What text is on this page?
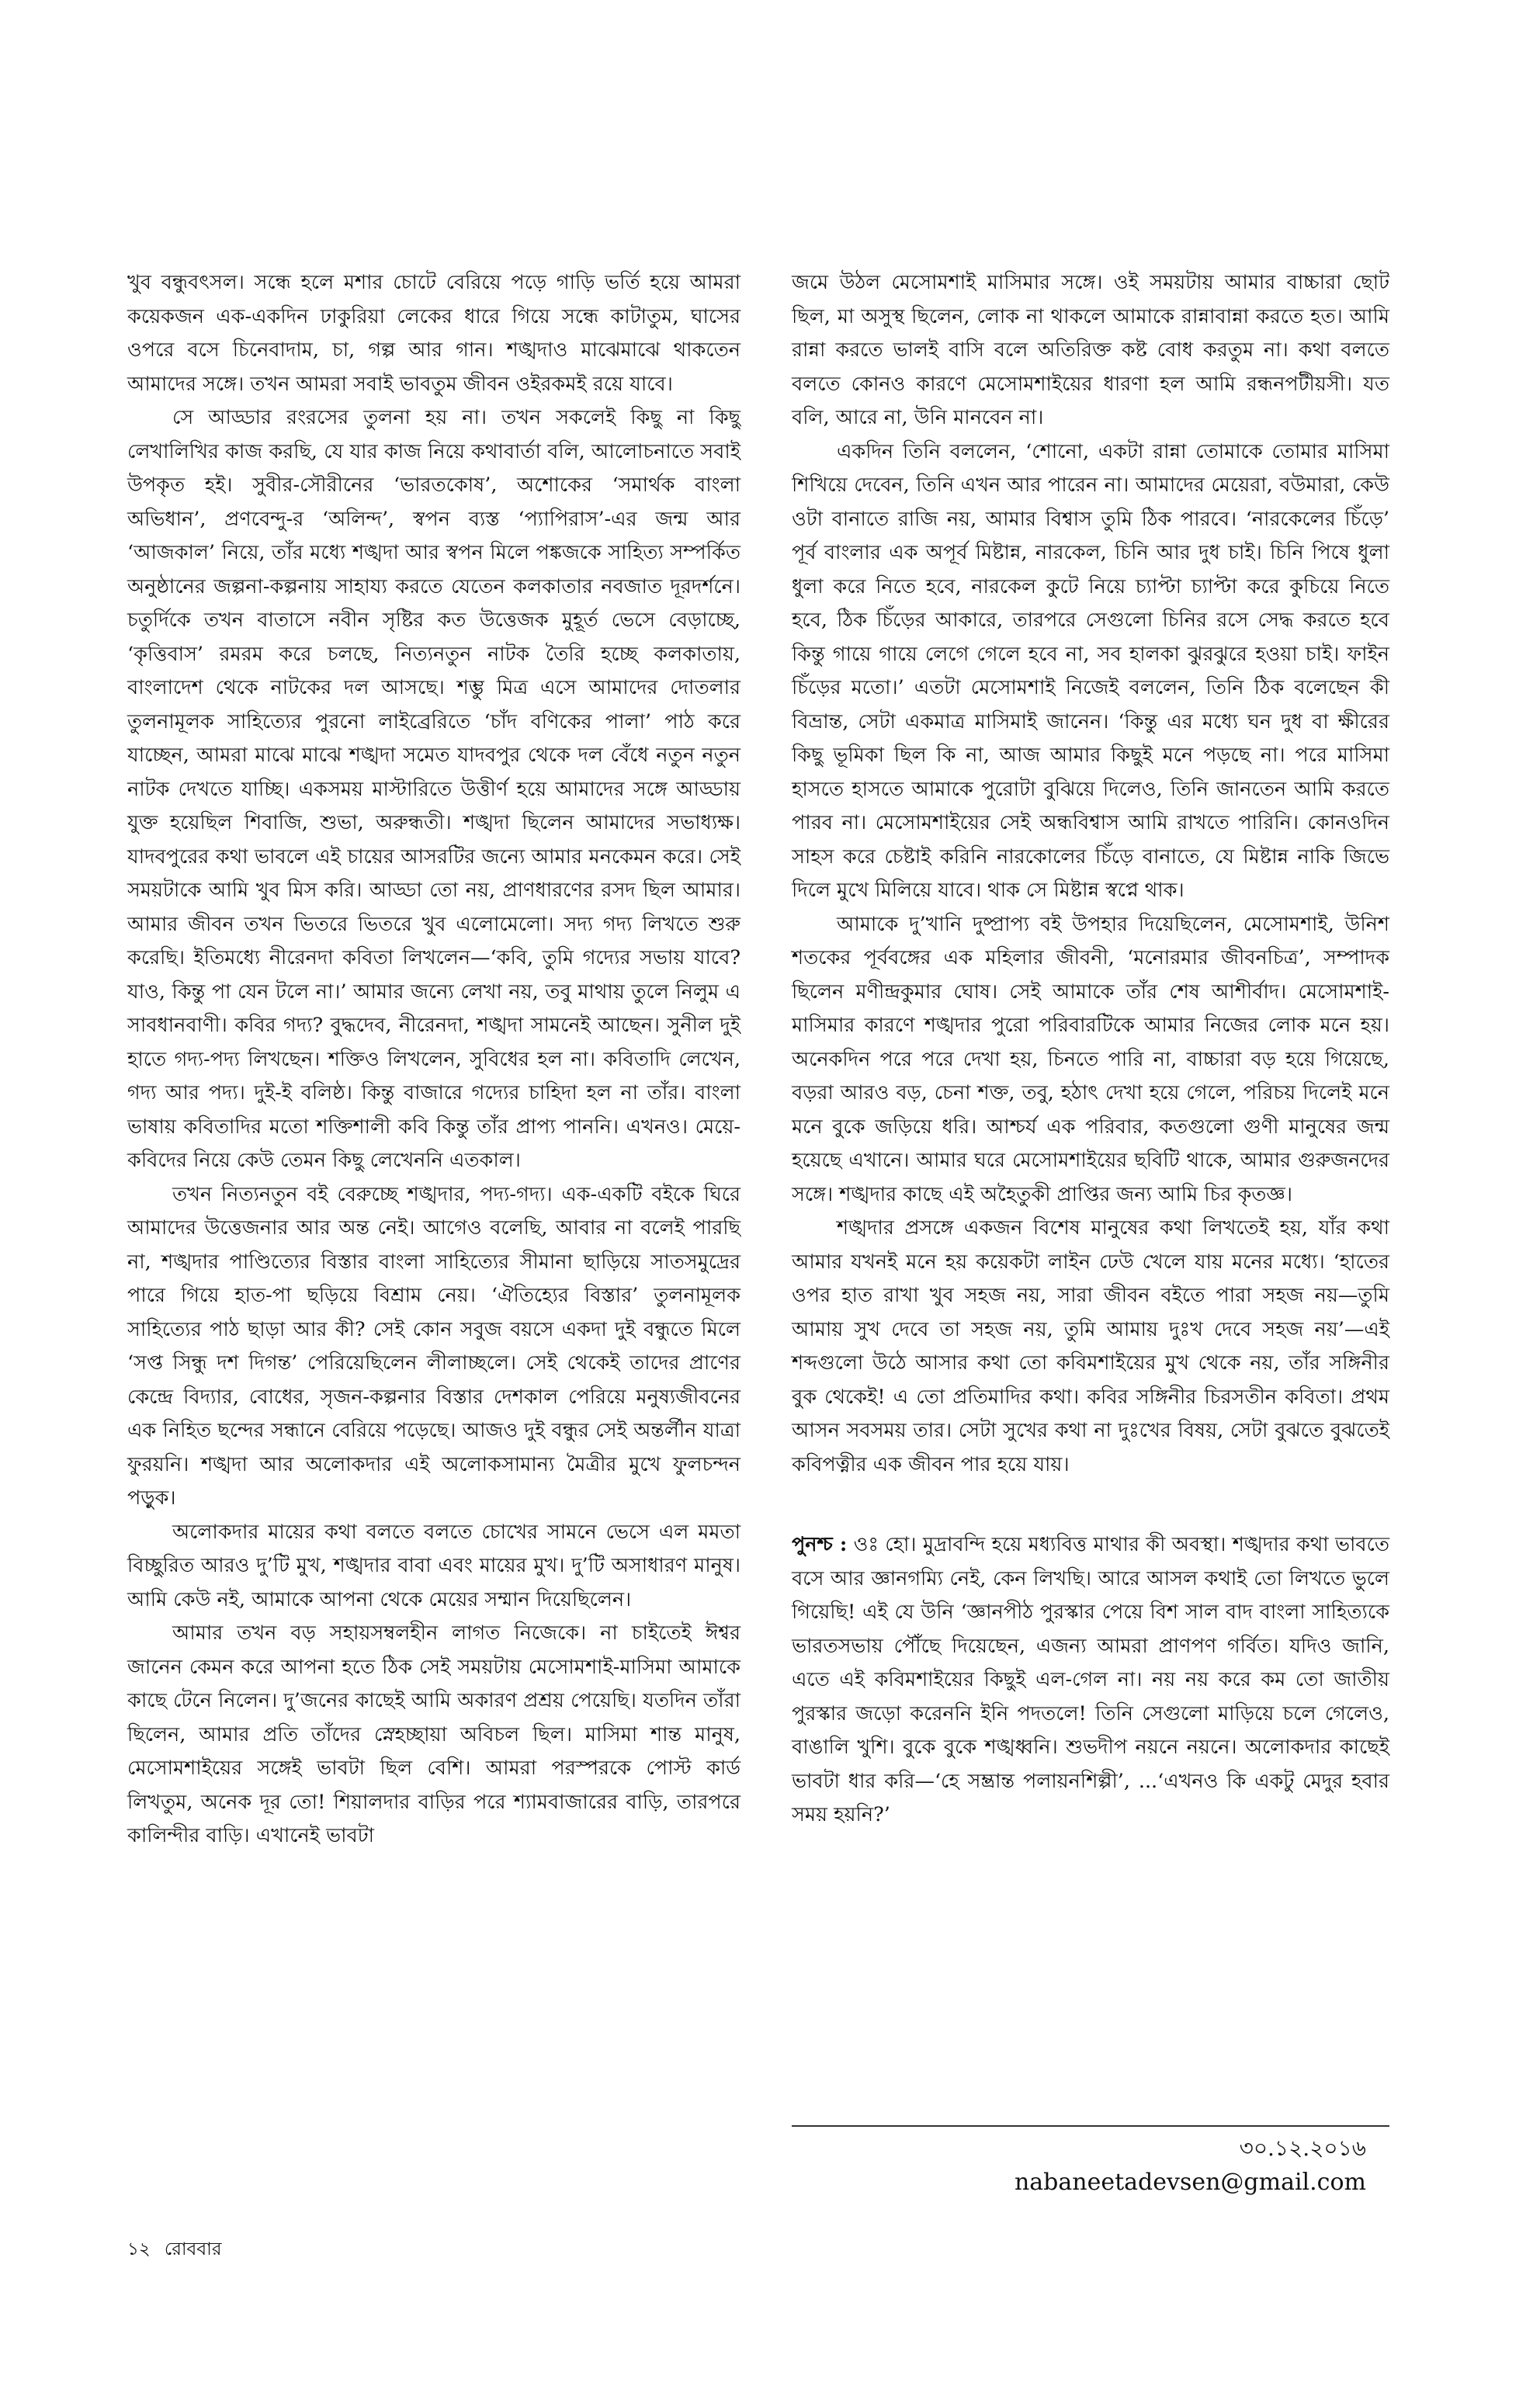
খুব বন্ধুবৎসল। সন্ধে হলে মশার চোটে বেরিয়ে পড়ে গাড়ি ভর্তি হয়ে আমরা কয়েকজন এক-একদিন ঢাকুরিয়া লেকের ধারে গিয়ে সন্ধে কাটাতুম, ঘাসের ওপরে বসে চিনেবাদাম, চা, গল্প আর গান। শঙ্খদাও মাঝেমাঝে থাকতেন আমাদের সঙ্গে। তখন আমরা সবাই ভাবতুম জীবন ওইরকমই রয়ে যাবে।

সে আড্ডার রংরসের তুলনা হয় না। তখন সকলেই কিছু না কিছু লেখালিখির কাজ করছি, যে যার কাজ নিয়ে কথাবার্তা বলি, আলোচনাতে সবাই উপকৃত হই। সুবীর-সৌরীনের ‘ভারতকোষ’, অশোকের ‘সমার্থক বাংলা অভিধান’, প্রণবেন্দু-র ‘অলিন্দ’, স্বপন ব্যস্ত ‘প্যাপিরাস’-এর জন্ম আর ‘আজকাল’ নিয়ে, তাঁর মধ্যে শঙ্খদা আর স্বপন মিলে পঙ্কজকে সাহিত্য সম্পর্কিত অনুষ্ঠানের জল্পনা-কল্পনায় সাহায্য করতে যেতেন কলকাতার নবজাত দূরদর্শনে। চতুর্দিকে তখন বাতাসে নবীন সৃষ্টির কত উত্তেজক মুহূর্ত ভেসে বেড়াচ্ছে, ‘কৃত্তিবাস’ রমরম করে চলছে, নিত্যনতুন নাটক তৈরি হচ্ছে কলকাতায়, বাংলাদেশ থেকে নাটকের দল আসছে। শম্ভু মিত্র এসে আমাদের দোতলার তুলনামূলক সাহিত্যের পুরনো লাইব্রেরিতে ‘চাঁদ বণিকের পালা’ পাঠ করে যাচ্ছেন, আমরা মাঝে মাঝে শঙ্খদা সমেত যাদবপুর থেকে দল বেঁধে নতুন নতুন নাটক দেখতে যাচ্ছি। একসময় মাস্টারিতে উত্তীর্ণ হয়ে আমাদের সঙ্গে আড্ডায় যুক্ত হয়েছিল শিবাজি, শুভা, অরুন্ধতী। শঙ্খদা ছিলেন আমাদের সভাধ্যক্ষ। যাদবপুরের কথা ভাবলে এই চায়ের আসরটির জন্যে আমার মনকেমন করে। সেই সময়টাকে আমি খুব মিস করি। আড্ডা তো নয়, প্রাণধারণের রসদ ছিল আমার। আমার জীবন তখন ভিতরে ভিতরে খুব এলোমেলো। সদ্য গদ্য লিখতে শুরু করেছি। ইতিমধ্যে নীরেনদা কবিতা লিখলেন—‘কবি, তুমি গদ্যের সভায় যাবে? যাও, কিন্তু পা যেন টলে না।’ আমার জন্যে লেখা নয়, তবু মাথায় তুলে নিলুম এ সাবধানবাণী। কবির গদ্য? বুদ্ধদেব, নীরেনদা, শঙ্খদা সামনেই আছেন। সুনীল দুই হাতে গদ্য-পদ্য লিখছেন। শক্তিও লিখলেন, সুবিধের হল না। কবিতাদি লেখেন, গদ্য আর পদ্য। দুই-ই বলিষ্ঠ। কিন্তু বাজারে গদ্যের চাহিদা হল না তাঁর। বাংলা ভাষায় কবিতাদির মতো শক্তিশালী কবি কিন্তু তাঁর প্রাপ্য পাননি। এখনও। মেয়ে-কবিদের নিয়ে কেউ তেমন কিছু লেখেননি এতকাল।

তখন নিত্যনতুন বই বেরুচ্ছে শঙ্খদার, পদ্য-গদ্য। এক-একটি বইকে ঘিরে আমাদের উত্তেজনার আর অন্ত নেই। আগেও বলেছি, আবার না বলেই পারছি না, শঙ্খদার পাণ্ডিত্যের বিস্তার বাংলা সাহিত্যের সীমানা ছাড়িয়ে সাতসমুদ্রের পারে গিয়ে হাত-পা ছড়িয়ে বিশ্রাম নেয়। ‘ঐতিহ্যের বিস্তার’ তুলনামূলক সাহিত্যের পাঠ ছাড়া আর কী? সেই কোন সবুজ বয়সে একদা দুই বন্ধুতে মিলে ‘সপ্ত সিন্ধু দশ দিগন্ত’ পেরিয়েছিলেন লীলাচ্ছলে। সেই থেকেই তাদের প্রাণের কেন্দ্রে বিদ্যার, বোধের, সৃজন-কল্পনার বিস্তার দেশকাল পেরিয়ে মনুষ্যজীবনের এক নিহিত ছন্দের সন্ধানে বেরিয়ে পড়েছে। আজও দুই বন্ধুর সেই অন্তর্লীন যাত্রা ফুরয়নি। শঙ্খদা আর অলোকদার এই অলোকসামান্য মৈত্রীর মুখে ফুলচন্দন পড়ুক।

অলোকদার মায়ের কথা বলতে বলতে চোখের সামনে ভেসে এল মমতা বিচ্ছুরিত আরও দু’টি মুখ, শঙ্খদার বাবা এবং মায়ের মুখ। দু’টি অসাধারণ মানুষ। আমি কেউ নই, আমাকে আপনা থেকে মেয়ের সম্মান দিয়েছিলেন।

আমার তখন বড় সহায়সম্বলহীন লাগত নিজেকে। না চাইতেই ঈশ্বর জানেন কেমন করে আপনা হতে ঠিক সেই সময়টায় মেসোমশাই-মাসিমা আমাকে কাছে টেনে নিলেন। দু’জনের কাছেই আমি অকারণ প্রশ্রয় পেয়েছি। যতদিন তাঁরা ছিলেন, আমার প্রতি তাঁদের স্নেহচ্ছায়া অবিচল ছিল। মাসিমা শান্ত মানুষ, মেসোমশাইয়ের সঙ্গেই ভাবটা ছিল বেশি। আমরা পরস্পরকে পোস্ট কার্ড লিখতুম, অনেক দূর তো! শিয়ালদার বাড়ির পরে শ্যামবাজারের বাড়ি, তারপরে কালিন্দীর বাড়ি। এখানেই ভাবটা

জমে উঠল মেসোমশাই মাসিমার সঙ্গে। ওই সময়টায় আমার বাচ্চারা ছোট ছিল, মা অসুস্থ ছিলেন, লোক না থাকলে আমাকে রান্নাবান্না করতে হত। আমি রান্না করতে ভালই বাসি বলে অতিরিক্ত কষ্ট বোধ করতুম না। কথা বলতে বলতে কোনও কারণে মেসোমশাইয়ের ধারণা হল আমি রন্ধনপটীয়সী। যত বলি, আরে না, উনি মানবেন না।

একদিন তিনি বললেন, ‘শোনো, একটা রান্না তোমাকে তোমার মাসিমা শিখিয়ে দেবেন, তিনি এখন আর পারেন না। আমাদের মেয়েরা, বউমারা, কেউ ওটা বানাতে রাজি নয়, আমার বিশ্বাস তুমি ঠিক পারবে। ‘নারকেলের চিঁড়ে’ পূর্ব বাংলার এক অপূর্ব মিষ্টান্ন, নারকেল, চিনি আর দুধ চাই। চিনি পিষে ধুলা ধুলা করে নিতে হবে, নারকেল কুটে নিয়ে চ্যাপ্টা চ্যাপ্টা করে কুচিয়ে নিতে হবে, ঠিক চিঁড়ের আকারে, তারপরে সেগুলো চিনির রসে সেদ্ধ করতে হবে কিন্তু গায়ে গায়ে লেগে গেলে হবে না, সব হালকা ঝুরঝুরে হওয়া চাই। ফাইন চিঁড়ের মতো।’ এতটা মেসোমশাই নিজেই বললেন, তিনি ঠিক বলেছেন কী বিভ্রান্ত, সেটা একমাত্র মাসিমাই জানেন। ‘কিন্তু এর মধ্যে ঘন দুধ বা ক্ষীরের কিছু ভূমিকা ছিল কি না, আজ আমার কিছুই মনে পড়ছে না। পরে মাসিমা হাসতে হাসতে আমাকে পুরোটা বুঝিয়ে দিলেও, তিনি জানতেন আমি করতে পারব না। মেসোমশাইয়ের সেই অন্ধবিশ্বাস আমি রাখতে পারিনি। কোনওদিন সাহস করে চেষ্টাই করিনি নারকোলের চিঁড়ে বানাতে, যে মিষ্টান্ন নাকি জিভে দিলে মুখে মিলিয়ে যাবে। থাক সে মিষ্টান্ন স্বপ্নে থাক।

আমাকে দু’খানি দুষ্প্রাপ্য বই উপহার দিয়েছিলেন, মেসোমশাই, উনিশ শতকের পূর্ববঙ্গের এক মহিলার জীবনী, ‘মনোরমার জীবনচিত্র’, সম্পাদক ছিলেন মণীন্দ্রকুমার ঘোষ। সেই আমাকে তাঁর শেষ আশীর্বাদ। মেসোমশাই-মাসিমার কারণে শঙ্খদার পুরো পরিবারটিকে আমার নিজের লোক মনে হয়। অনেকদিন পরে পরে দেখা হয়, চিনতে পারি না, বাচ্চারা বড় হয়ে গিয়েছে, বড়রা আরও বড়, চেনা শক্ত, তবু, হঠাৎ দেখা হয়ে গেলে, পরিচয় দিলেই মনে মনে বুকে জড়িয়ে ধরি। আশ্চর্য এক পরিবার, কতগুলো গুণী মানুষের জন্ম হয়েছে এখানে। আমার ঘরে মেসোমশাইয়ের ছবিটি থাকে, আমার গুরুজনদের সঙ্গে। শঙ্খদার কাছে এই অহৈতুকী প্রাপ্তির জন্য আমি চির কৃতজ্ঞ।

শঙ্খদার প্রসঙ্গে একজন বিশেষ মানুষের কথা লিখতেই হয়, যাঁর কথা আমার যখনই মনে হয় কয়েকটা লাইন ঢেউ খেলে যায় মনের মধ্যে। ‘হাতের ওপর হাত রাখা খুব সহজ নয়, সারা জীবন বইতে পারা সহজ নয়—তুমি আমায় সুখ দেবে তা সহজ নয়, তুমি আমায় দুঃখ দেবে সহজ নয়’—এই শব্দগুলো উঠে আসার কথা তো কবিমশাইয়ের মুখ থেকে নয়, তাঁর সঙ্গিনীর বুক থেকেই! এ তো প্রতিমাদির কথা। কবির সঙ্গিনীর চিরসতীন কবিতা। প্রথম আসন সবসময় তার। সেটা সুখের কথা না দুঃখের বিষয়, সেটা বুঝতে বুঝতেই কবিপত্নীর এক জীবন পার হয়ে যায়।

পুনশ্চ : ওঃ হো। মুদ্রাবন্দি হয়ে মধ্যবিত্ত মাথার কী অবস্থা। শঙ্খদার কথা ভাবতে বসে আর জ্ঞানগম্যি নেই, কেন লিখছি। আরে আসল কথাই তো লিখতে ভুলে গিয়েছি! এই যে উনি ‘জ্ঞানপীঠ পুরস্কার পেয়ে বিশ সাল বাদ বাংলা সাহিত্যকে ভারতসভায় পৌঁছে দিয়েছেন, এজন্য আমরা প্রাণপণ গর্বিত। যদিও জানি, এতে এই কবিমশাইয়ের কিছুই এল-গেল না। নয় নয় করে কম তো জাতীয় পুরস্কার জড়ো করেননি ইনি পদতলে! তিনি সেগুলো মাড়িয়ে চলে গেলেও, বাঙালি খুশি। বুকে বুকে শঙ্খধ্বনি। শুভদীপ নয়নে নয়নে। অলোকদার কাছেই ভাবটা ধার করি—‘হে সম্ভ্রান্ত পলায়নশিল্পী’, ...‘এখনও কি একটু মেদুর হবার সময় হয়নি?’

৩০.১২.২০১৬
nabaneetadevsen@gmail.com
১২ রোববার
